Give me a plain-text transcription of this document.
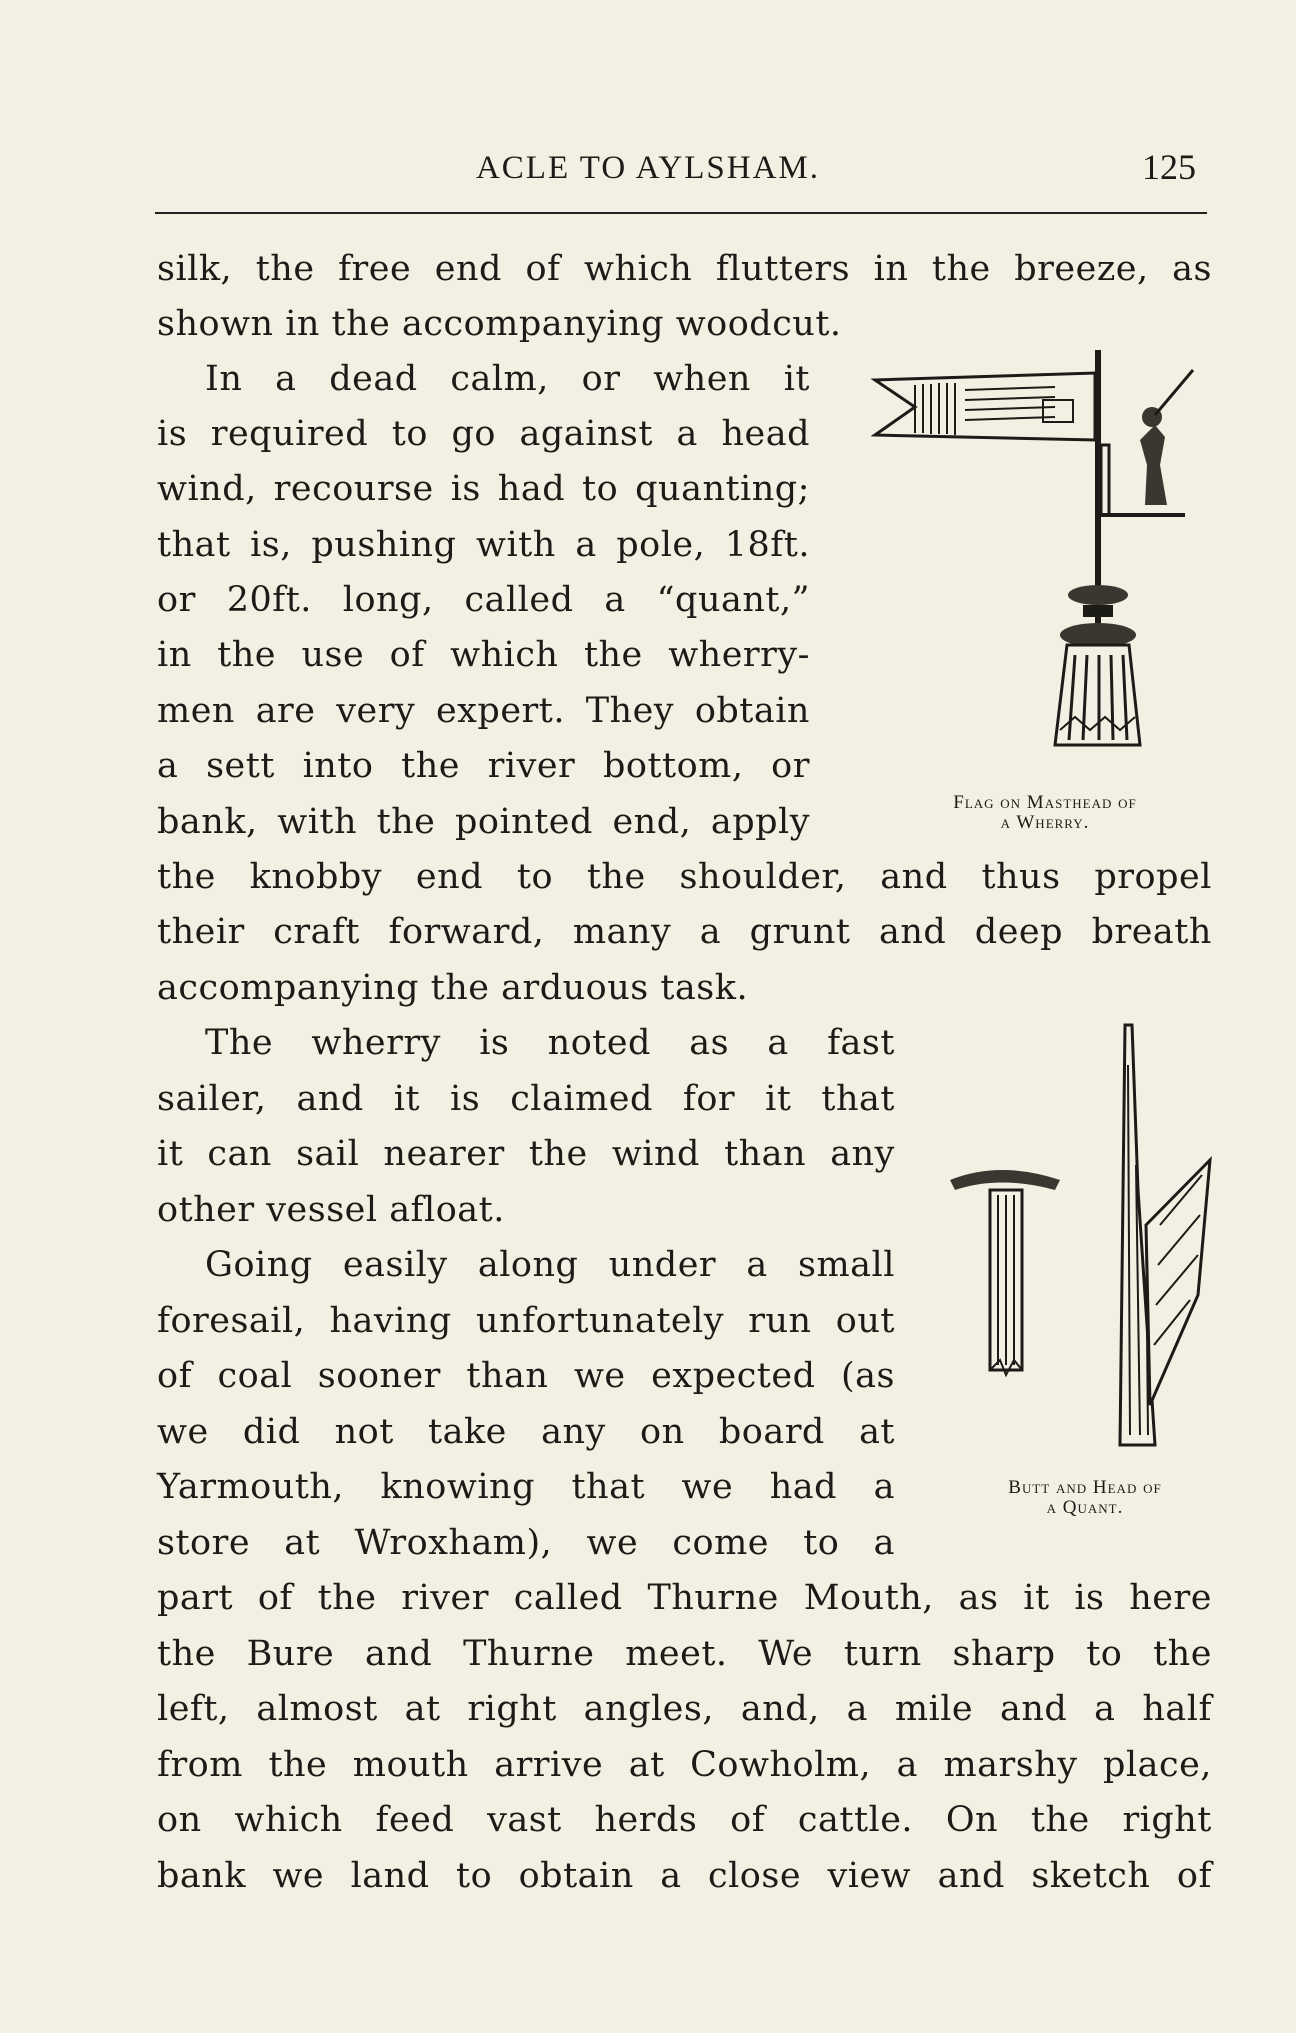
ACLE TO AYLSHAM.	125
silk, the free end of which flutters in the breeze, as
shown in the accompanying woodcut.
In a dead calm, or when it
is required to go against a head
wind, recourse is had to quanting;
that is, pushing with a pole, 18ft.
or 20ft. long, called a “quant,”
in the use of which the wherry-
men are very expert. They obtain
a sett into the river bottom, or
bank, with the pointed end, apply
the knobby end to the shoulder, and thus propel
their craft forward, many a grunt and deep breath
accompanying the arduous task.
The wherry is noted as a fast
sailer, and it is claimed for it that
it can sail nearer the wind than any
other vessel afloat.
Going easily along under a small
foresail, having unfortunately run out
of coal sooner than we expected (as
we did not take any on board at
Yarmouth, knowing that we had a
store at Wroxham), we come to a
part of the river called Thurne Mouth, as it is here
the Bure and Thurne meet. We turn sharp to the
left, almost at right angles, and, a mile and a half
from the mouth arrive at Cowholm, a marshy place,
on which feed vast herds of cattle. On the right
bank we land to obtain a close view and sketch of
Flag on Masthead of
a Wherry.
Butt and Head of
a Quant.
